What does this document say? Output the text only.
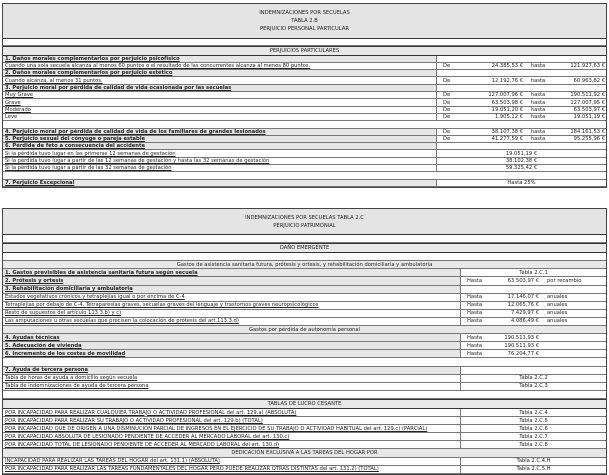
INDEMNIZACIONES POR SECUELAS
TABLA 2.B
PERJUICIO PERSONAL PARTICULAR
PERJUICIOS PARTICULARES
1. Daños morales complementarios por perjuicio psicofísico
Cuando una sola secuela alcanza al menos 60 puntos o el resultado de las concurrentes alcanza al menos 80 puntos.	De	24.385,53 €	hasta	121.927,63 €
2. Daños morales complementarios por perjuicio estético
Cuando alcanza, al menos 31 puntos.	De	12.192,76 €	hasta	60.963,82 €
3. Perjuicio moral por pérdida de calidad de vida ocasionada por las secuelas
Muy Grave	De	127.007,96 €	hasta	190.511,92 €
Grave	De	63.503,98 €	hasta	127.007,95 €
Moderado	De	19.051,20 €	hasta	63.503,97 €
Leve	De	1.905,12 €	hasta	19.051,19 €
4. Perjuicio moral por pérdida de calidad de vida de los familiares de grandes lesionados	De	38.107,38 €	hasta	184.161,53 €
5. Perjuicio sexual del cónyuge o pareja estable	De	41.277,59 €	hasta	95.255,96 €
6. Pérdida de feto a consecuencia del accidente
Si la pérdida tuvo lugar en las primeras 12 semanas de gestación	19.051,19 €
Si la pérdida tuvo lugar a partir de las 12 semanas de gestación y hasta las 32 semanas de gestación	38.102,38 €
Si la pérdida tuvo lugar a partir de las 32 semanas de gestación	59.325,42 €
7. Perjuicio Excepcional	Hasta 25%
INDEMNIZACIONES POR SECUELAS TABLA 2.C
PERJUICIO PATRIMONIAL
DAÑO EMERGENTE
Gastos de asistencia sanitaria futura, prótesis y ortesis, y rehabilitación domiciliaria y ambulatoria
1. Gastos previsibles de asistencia sanitaria futura según secuela	Tabla 2.C.1
2. Prótesis y ortesis	Hasta	63.503,97 €	por recambio
3. Rehabilitación domiciliaria y ambulatoria
Estados vegetativos crónicos y tetraplejias igual o por encima de C-4	Hasta	17.146,07 €	anuales
Tetraplejias por debajo de C-4, Tetraparesias graves, secuelas graves del lenguaje y trastornos graves neuropsicológicos	Hasta	12.065,76 €	anuales
Resto de supuestos del artículo 113.3.b) y c)	Hasta	7.429,97 €	anuales
Las amputaciones u otras secuelas que precisen la colocación de prótesis del art.113.3.d)	Hasta	4.086,49 €	anuales
Gastos por pérdida de autonomía personal
4. Ayudas técnicas	Hasta	190.511,93 €
5. Adecuación de vivienda	Hasta	190.511,93 €
6. Incremento de los costes de movilidad	Hasta	76.204,77 €
7. Ayuda de tercera persona
Tabla de horas de ayuda a domicilio según secuela	Tabla 2.C.2
Tabla de indemnizaciones de ayuda de tercera persona	Tabla 2.C.3
TABLAS DE LUCRO CESANTE
POR INCAPACIDAD PARA REALIZAR CUALQUIER TRABAJO O ACTIVIDAD PROFESIONAL del art. 129.a) (ABSOLUTA)	Tabla 2.C.4
POR INCAPACIDAD PARA REALIZAR SU TRABAJO O ACTIVIDAD PROFESIONAL del art. 129.b) (TOTAL)	Tabla 2.C.5
POR INCAPACIDAD QUE DE ORIGEN A UNA DISMINUCIÓN PARCIAL DE INGRESOS EN EL EJERCICIO DE SU TRABAJO O ACTIVIDAD HABITUAL del art. 129.c) (PARCIAL)	Tabla 2.C.6
POR INCAPACIDAD ABSOLUTA DE LESIONADO PENDIENTE DE ACCEDER AL MERCADO LABORAL del art. 130.c)	Tabla 2.C.7
POR INCAPACIDAD TOTAL DE LESIONADO PENDIENTE DE ACCEDER AL MERCADO LABORAL del art. 130.d)	Tabla 2.C.8
DEDICACIÓN EXCLUSIVA A LAS TAREAS DEL HOGAR POR
INCAPACIDAD PARA REALIZAR LAS TAREAS DEL HOGAR del art. 131.1) (ABSOLUTA)	Tabla 2.C.4.H
POR INCAPACIDAD PARA REALIZAR LAS TAREAS FUNDAMENTALES DEL HOGAR PERO PUEDE REALIZAR OTRAS DISTINTAS del art. 131.2) (TOTAL)	Tabla 2.C.5.H
